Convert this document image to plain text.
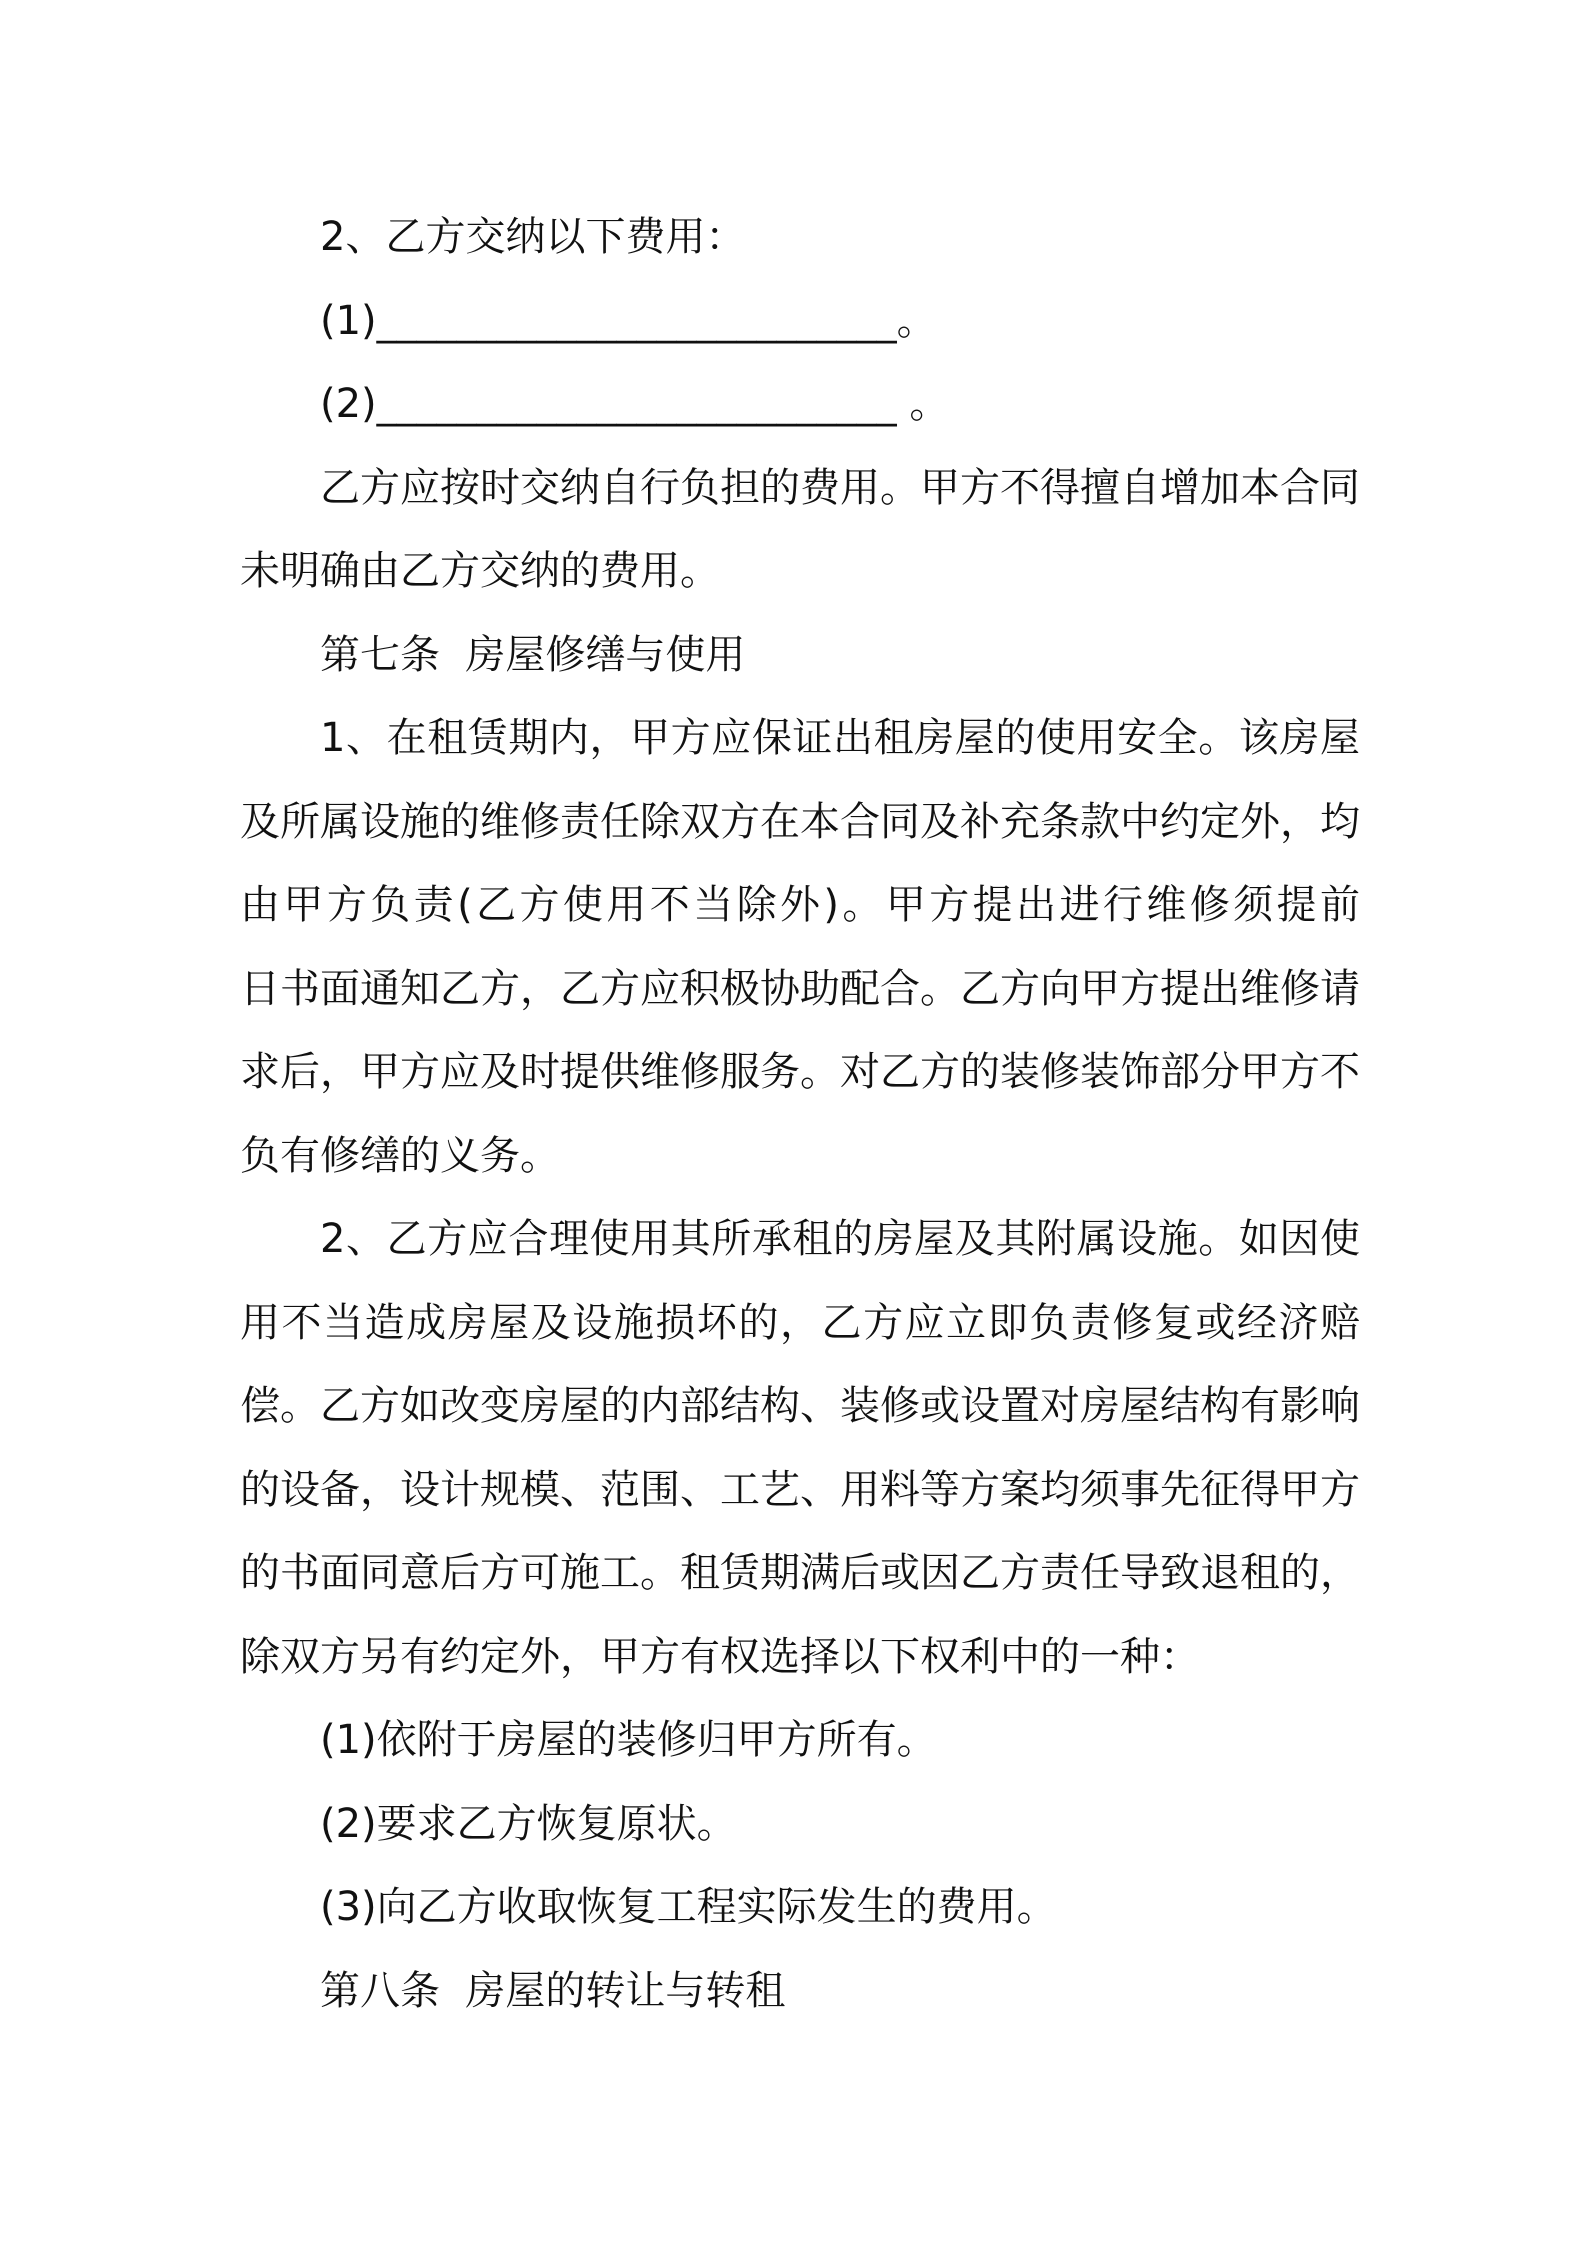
2、乙方交纳以下费用：

(1)__________________________。

(2)__________________________ 。

乙方应按时交纳自行负担的费用。甲方不得擅自增加本合同未明确由乙方交纳的费用。

第七条  房屋修缮与使用

1、在租赁期内，甲方应保证出租房屋的使用安全。该房屋及所属设施的维修责任除双方在本合同及补充条款中约定外，均由甲方负责(乙方使用不当除外)。甲方提出进行维修须提前    日书面通知乙方，乙方应积极协助配合。乙方向甲方提出维修请求后，甲方应及时提供维修服务。对乙方的装修装饰部分甲方不负有修缮的义务。

2、乙方应合理使用其所承租的房屋及其附属设施。如因使用不当造成房屋及设施损坏的，乙方应立即负责修复或经济赔偿。乙方如改变房屋的内部结构、装修或设置对房屋结构有影响的设备，设计规模、范围、工艺、用料等方案均须事先征得甲方的书面同意后方可施工。租赁期满后或因乙方责任导致退租的，除双方另有约定外，甲方有权选择以下权利中的一种：

(1)依附于房屋的装修归甲方所有。

(2)要求乙方恢复原状。

(3)向乙方收取恢复工程实际发生的费用。

第八条  房屋的转让与转租
